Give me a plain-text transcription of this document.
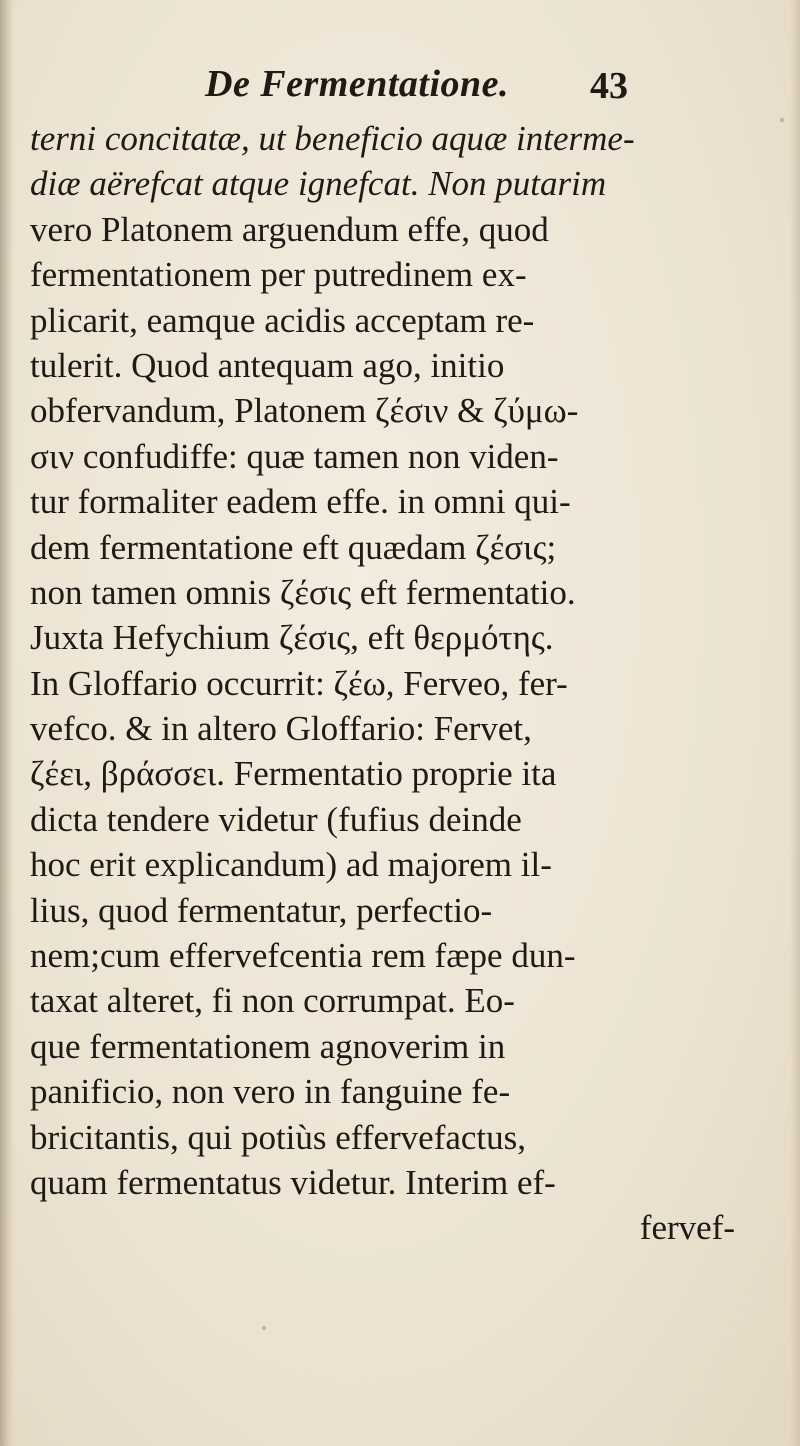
De Fermentatione. 43
terni concitatæ, ut beneficio aquæ interme-
diæ aërefcat atque ignefcat. Non putarim
vero Platonem arguendum effe, quod
fermentationem per putredinem ex-
plicarit, eamque acidis acceptam re-
tulerit. Quod antequam ago, initio
obfervandum, Platonem ζέσιν & ζύμω-
σιν confudiffe: quæ tamen non viden-
tur formaliter eadem effe. in omni qui-
dem fermentatione eft quædam ζέσις;
non tamen omnis ζέσις eft fermentatio.
Juxta Hefychium ζέσις, eft θερμότης.
In Gloffario occurrit: ζέω, Ferveo, fer-
vefco. & in altero Gloffario: Fervet,
ζέει, βράσσει. Fermentatio proprie ita
dicta tendere videtur (fufius deinde
hoc erit explicandum) ad majorem il-
lius, quod fermentatur, perfectio-
nem;cum effervefcentia rem fæpe dun-
taxat alteret, fi non corrumpat. Eo-
que fermentationem agnoverim in
panificio, non vero in fanguine fe-
bricitantis, qui potiùs effervefactus,
quam fermentatus videtur. Interim ef-
fervef-
